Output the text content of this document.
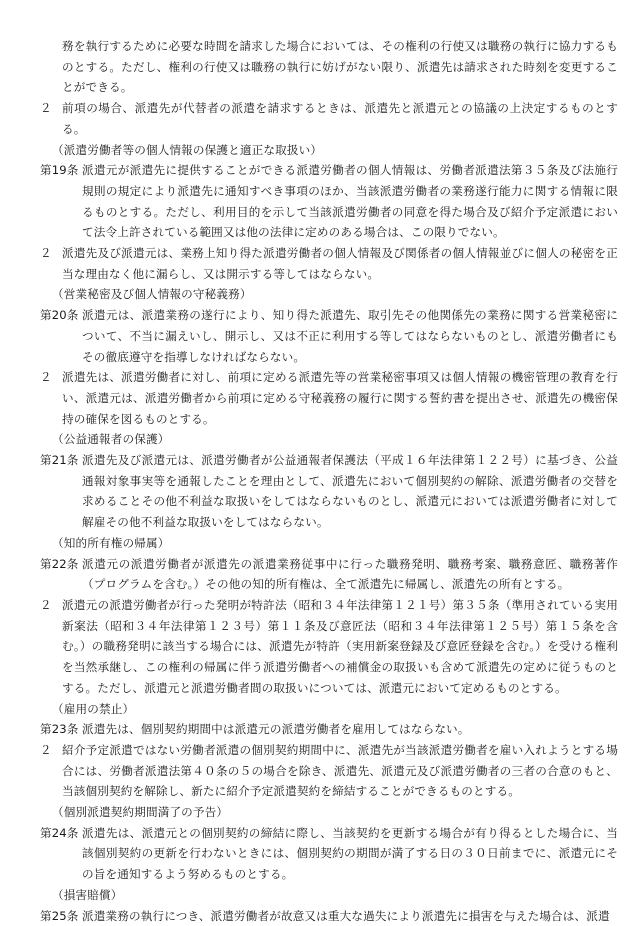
務を執行するために必要な時間を請求した場合においては、その権利の行使又は職務の執行に協力するものとする。ただし、権利の行使又は職務の執行に妨げがない限り、派遣先は請求された時刻を変更することができる。
２ 前項の場合、派遣先が代替者の派遣を請求するときは、派遣先と派遣元との協議の上決定するものとする。
（派遣労働者等の個人情報の保護と適正な取扱い）
第19条 派遣元が派遣先に提供することができる派遣労働者の個人情報は、労働者派遣法第３５条及び法施行規則の規定により派遣先に通知すべき事項のほか、当該派遣労働者の業務遂行能力に関する情報に限るものとする。ただし、利用目的を示して当該派遣労働者の同意を得た場合及び紹介予定派遣において法令上許されている範囲又は他の法律に定めのある場合は、この限りでない。
２ 派遣先及び派遣元は、業務上知り得た派遣労働者の個人情報及び関係者の個人情報並びに個人の秘密を正当な理由なく他に漏らし、又は開示する等してはならない。
（営業秘密及び個人情報の守秘義務）
第20条 派遣元は、派遣業務の遂行により、知り得た派遣先、取引先その他関係先の業務に関する営業秘密について、不当に漏えいし、開示し、又は不正に利用する等してはならないものとし、派遣労働者にもその徹底遵守を指導しなければならない。
２ 派遣先は、派遣労働者に対し、前項に定める派遣先等の営業秘密事項又は個人情報の機密管理の教育を行い、派遣元は、派遣労働者から前項に定める守秘義務の履行に関する誓約書を提出させ、派遣先の機密保持の確保を図るものとする。
（公益通報者の保護）
第21条 派遣先及び派遣元は、派遣労働者が公益通報者保護法（平成１６年法律第１２２号）に基づき、公益通報対象事実等を通報したことを理由として、派遣先において個別契約の解除、派遣労働者の交替を求めることその他不利益な取扱いをしてはならないものとし、派遣元においては派遣労働者に対して解雇その他不利益な取扱いをしてはならない。
（知的所有権の帰属）
第22条 派遣元の派遣労働者が派遣先の派遣業務従事中に行った職務発明、職務考案、職務意匠、職務著作（プログラムを含む。）その他の知的所有権は、全て派遣先に帰属し、派遣先の所有とする。
２ 派遣元の派遣労働者が行った発明が特許法（昭和３４年法律第１２１号）第３５条（準用されている実用新案法（昭和３４年法律第１２３号）第１１条及び意匠法（昭和３４年法律第１２５号）第１５条を含む。）の職務発明に該当する場合には、派遣先が特許（実用新案登録及び意匠登録を含む。）を受ける権利を当然承継し、この権利の帰属に伴う派遣労働者への補償金の取扱いも含めて派遣先の定めに従うものとする。ただし、派遣元と派遣労働者間の取扱いについては、派遣元において定めるものとする。
（雇用の禁止）
第23条 派遣先は、個別契約期間中は派遣元の派遣労働者を雇用してはならない。
２ 紹介予定派遣ではない労働者派遣の個別契約期間中に、派遣先が当該派遣労働者を雇い入れようとする場合には、労働者派遣法第４０条の５の場合を除き、派遣先、派遣元及び派遣労働者の三者の合意のもと、当該個別契約を解除し、新たに紹介予定派遣契約を締結することができるものとする。
（個別派遣契約期間満了の予告）
第24条 派遣先は、派遣元との個別契約の締結に際し、当該契約を更新する場合が有り得るとした場合に、当該個別契約の更新を行わないときには、個別契約の期間が満了する日の３０日前までに、派遣元にその旨を通知するよう努めるものとする。
（損害賠償）
第25条 派遣業務の執行につき、派遣労働者が故意又は重大な過失により派遣先に損害を与えた場合は、派遣
